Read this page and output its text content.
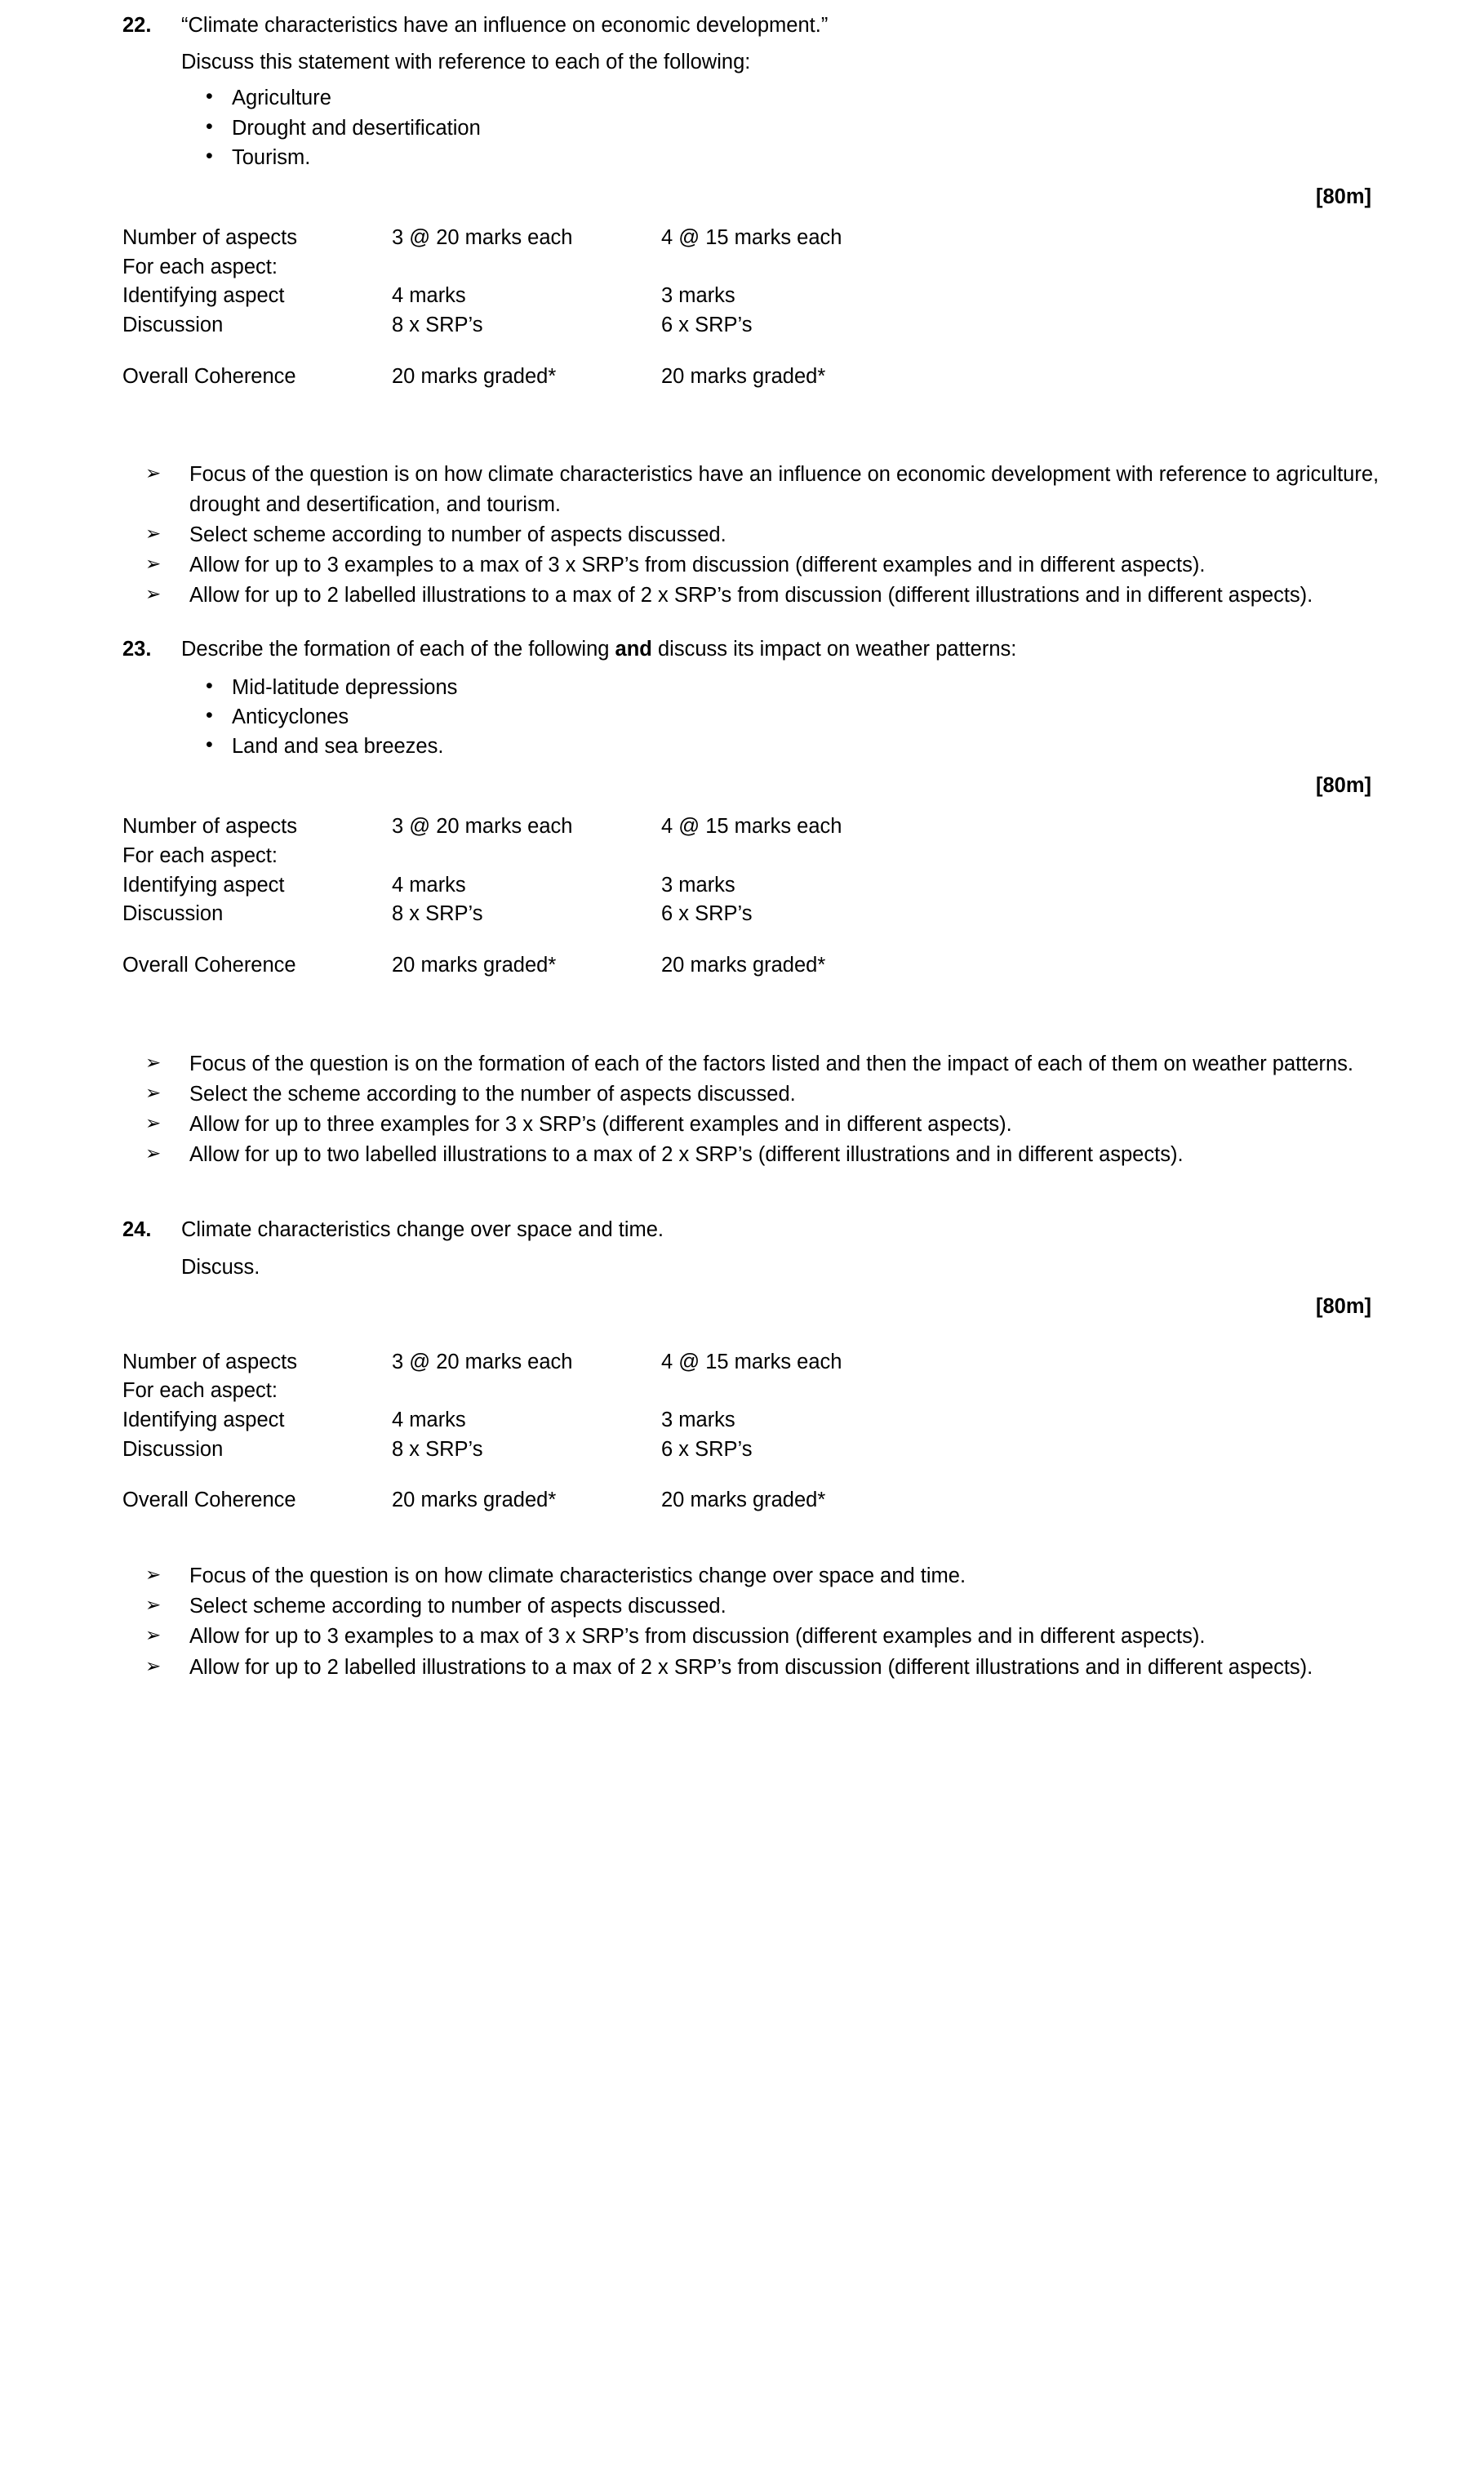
22.	“Climate characteristics have an influence on economic development.”
Discuss this statement with reference to each of the following:
• Agriculture
• Drought and desertification
• Tourism.
[80m]
Number of aspects	3 @ 20 marks each	4 @ 15 marks each
For each aspect:		
Identifying aspect	4 marks	3 marks
Discussion	8 x SRP’s	6 x SRP’s

Overall Coherence	20 marks graded*	20 marks graded*
➢ Focus of the question is on how climate characteristics have an influence on economic development with reference to agriculture, drought and desertification, and tourism.
➢ Select scheme according to number of aspects discussed.
➢ Allow for up to 3 examples to a max of 3 x SRP’s from discussion (different examples and in different aspects).
➢ Allow for up to 2 labelled illustrations to a max of 2 x SRP’s from discussion (different illustrations and in different aspects).
23.	Describe the formation of each of the following and discuss its impact on weather patterns:
• Mid-latitude depressions
• Anticyclones
• Land and sea breezes.
[80m]
Number of aspects	3 @ 20 marks each	4 @ 15 marks each
For each aspect:		
Identifying aspect	4 marks	3 marks
Discussion	8 x SRP’s	6 x SRP’s

Overall Coherence	20 marks graded*	20 marks graded*
➢ Focus of the question is on the formation of each of the factors listed and then the impact of each of them on weather patterns.
➢ Select the scheme according to the number of aspects discussed.
➢ Allow for up to three examples for 3 x SRP’s (different examples and in different aspects).
➢ Allow for up to two labelled illustrations to a max of 2 x SRP’s (different illustrations and in different aspects).
24.	Climate characteristics change over space and time.
Discuss.
[80m]
Number of aspects	3 @ 20 marks each	4 @ 15 marks each
For each aspect:		
Identifying aspect	4 marks	3 marks
Discussion	8 x SRP’s	6 x SRP’s

Overall Coherence	20 marks graded*	20 marks graded*
➢ Focus of the question is on how climate characteristics change over space and time.
➢ Select scheme according to number of aspects discussed.
➢ Allow for up to 3 examples to a max of 3 x SRP’s from discussion (different examples and in different aspects).
➢ Allow for up to 2 labelled illustrations to a max of 2 x SRP’s from discussion (different illustrations and in different aspects).
